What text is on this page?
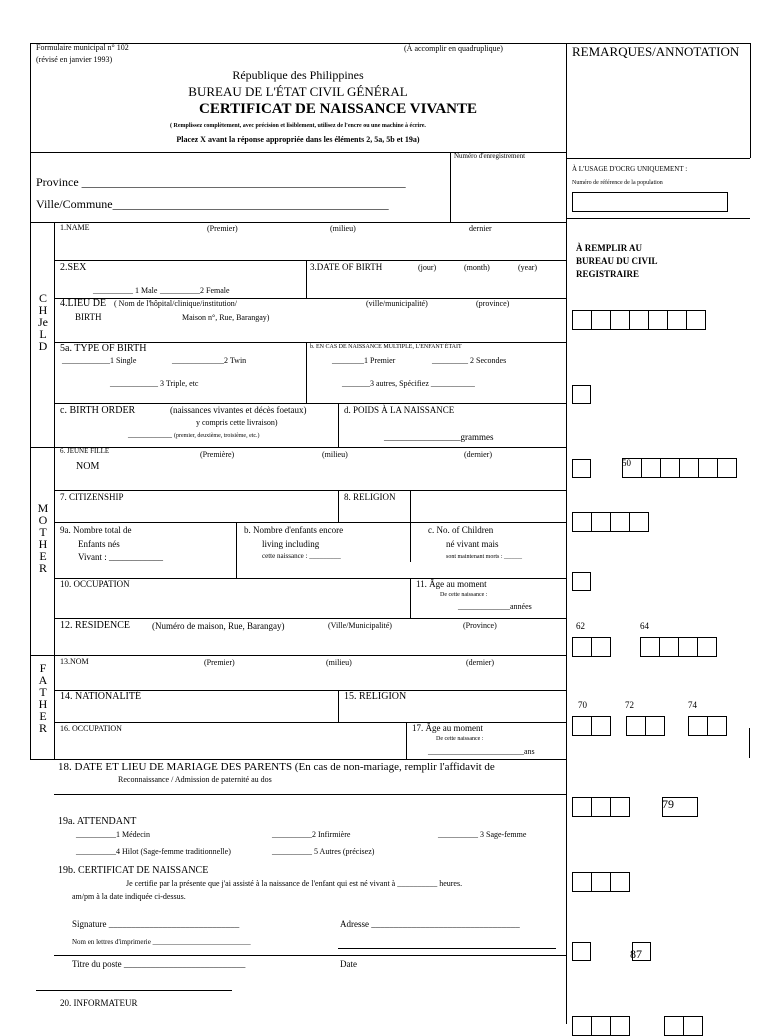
Formulaire municipal n° 102
(révisé en janvier 1993)
(À accomplir en quadruplique)
République des Philippines
BUREAU DE L'ÉTAT CIVIL GÉNÉRAL
CERTIFICAT DE NAISSANCE VIVANTE
( Remplissez complètement, avec précision et lisiblement, utilisez de l'encre ou une machine à écrire.
Placez X avant la réponse appropriée dans les éléments 2, 5a, 5b et 19a)
REMARQUES/ANNOTATION
Province ______________________________________________________
Ville/Commune______________________________________________
Numéro d'enregistrement
À L'USAGE D'OCRG UNIQUEMENT :
Numéro de référence de la population
À REMPLIR AU
BUREAU DU CIVIL
REGISTRAIRE
50
62	64
70	72	74
79
87
C
H
Je
L
D
M
O
T
H
E
R
F
A
T
H
E
R
1.NAME	(Premier)	(milieu)	dernier
2.SEX
__________ 1 Male __________2 Female
3.DATE OF BIRTH	(jour)	(month)	(year)
4.LIEU DE ( Nom de l'hôpital/clinique/institution/
BIRTH	Maison n°, Rue, Barangay)
(ville/municipalité)	(province)
5a. TYPE OF BIRTH
____________1 Single	_____________2 Twin
____________ 3 Triple, etc
b. EN CAS DE NAISSANCE MULTIPLE, L'ENFANT ÉTAIT
________1 Premier	_________ 2 Secondes
_______3 autres, Spécifiez ___________
c. BIRTH ORDER	(naissances vivantes et décès foetaux)
y compris cette livraison)
___________ (premier, deuxième, troisième, etc.)
d. POIDS À LA NAISSANCE
_________________grammes
6. JEUNE FILLE
NOM
(Première)	(milieu)	(dernier)
7. CITIZENSHIP	8. RELIGION
9a. Nombre total de
Enfants nés
Vivant : ____________
b. Nombre d'enfants encore
living including
cette naissance : _________
c. No. of Children
né vivant mais
sont maintenant morts : ______
10. OCCUPATION	11. Âge au moment
De cette naissance :
_____________années
12. RESIDENCE (Numéro de maison, Rue, Barangay)	(Ville/Municipalité)	(Province)
13.NOM	(Premier)	(milieu)	(dernier)
14. NATIONALITÉ	15. RELIGION
16. OCCUPATION	17. Âge au moment
De cette naissance :
________________________ans
18. DATE ET LIEU DE MARIAGE DES PARENTS (En cas de non-mariage, remplir l'affidavit de
Reconnaissance / Admission de paternité au dos
19a. ATTENDANT
__________1 Médecin	__________2 Infirmière	__________ 3 Sage-femme
__________4 Hilot (Sage-femme traditionnelle)	__________ 5 Autres (précisez)
19b. CERTIFICAT DE NAISSANCE
Je certifie par la présente que j'ai assisté à la naissance de l'enfant qui est né vivant à __________ heures.
am/pm à la date indiquée ci-dessus.
Signature _____________________________	Adresse _________________________________
Nom en lettres d'imprimerie ____________________________
Titre du poste ___________________________	Date
20. INFORMATEUR
